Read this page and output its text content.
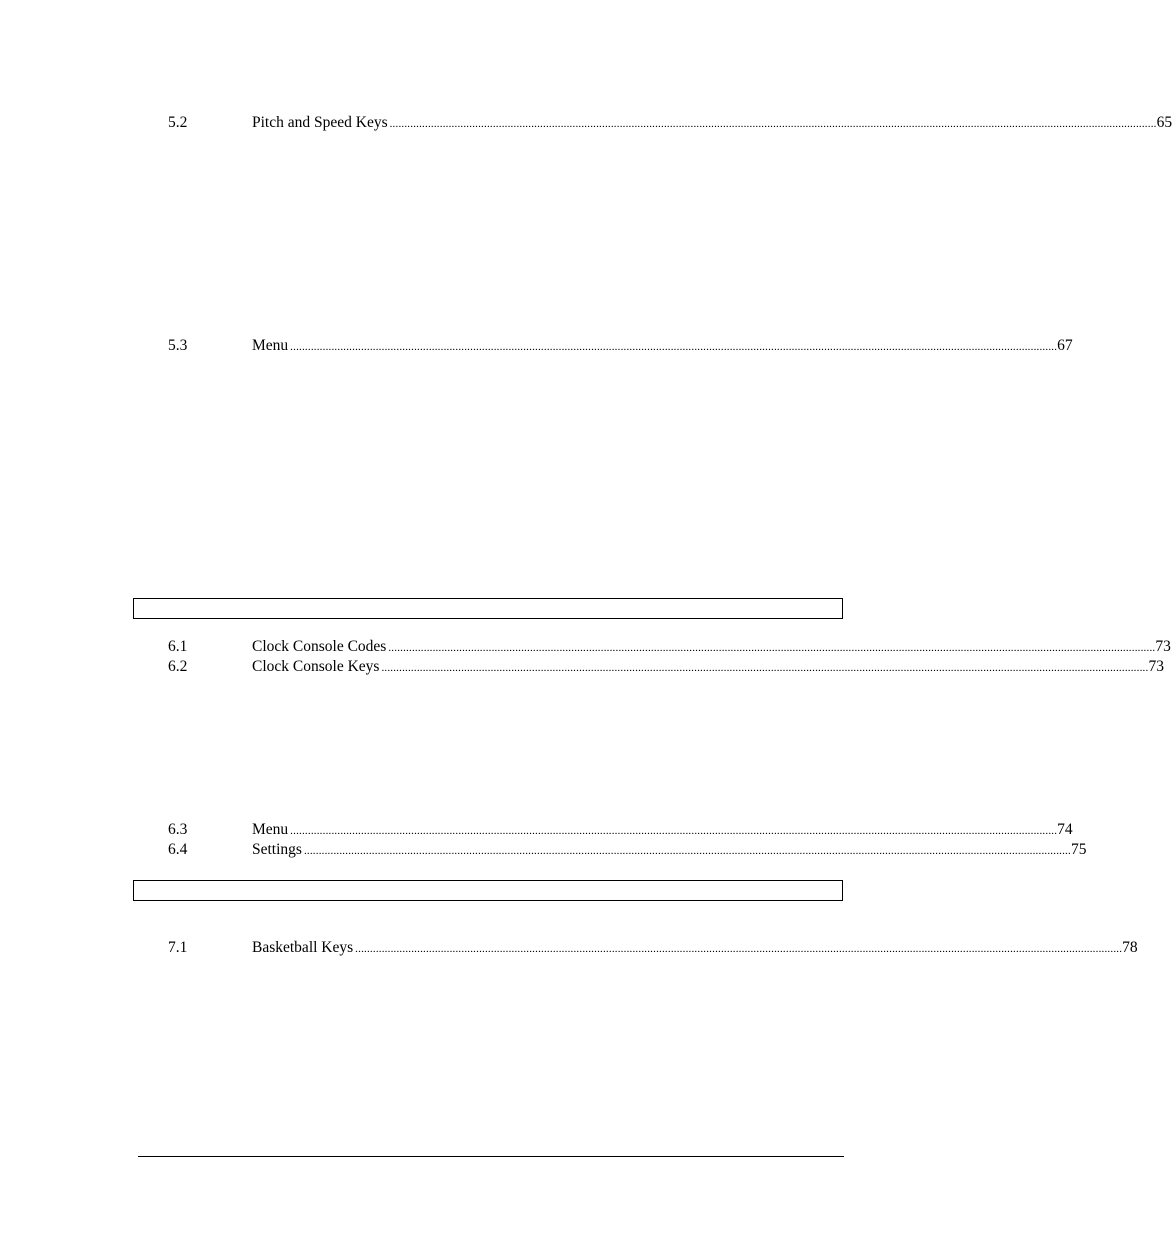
5.2	Pitch and Speed Keys .................................................................................................................................................................................................................................................................... 65
5.3	Menu .................................................................................................................................................................................................................................................................... 67
6.1	Clock Console Codes .................................................................................................................................................................................................................................................................... 73
6.2	Clock Console Keys .................................................................................................................................................................................................................................................................... 73
6.3	Menu .................................................................................................................................................................................................................................................................... 74
6.4	Settings .................................................................................................................................................................................................................................................................... 75
7.1	Basketball Keys .................................................................................................................................................................................................................................................................... 78
